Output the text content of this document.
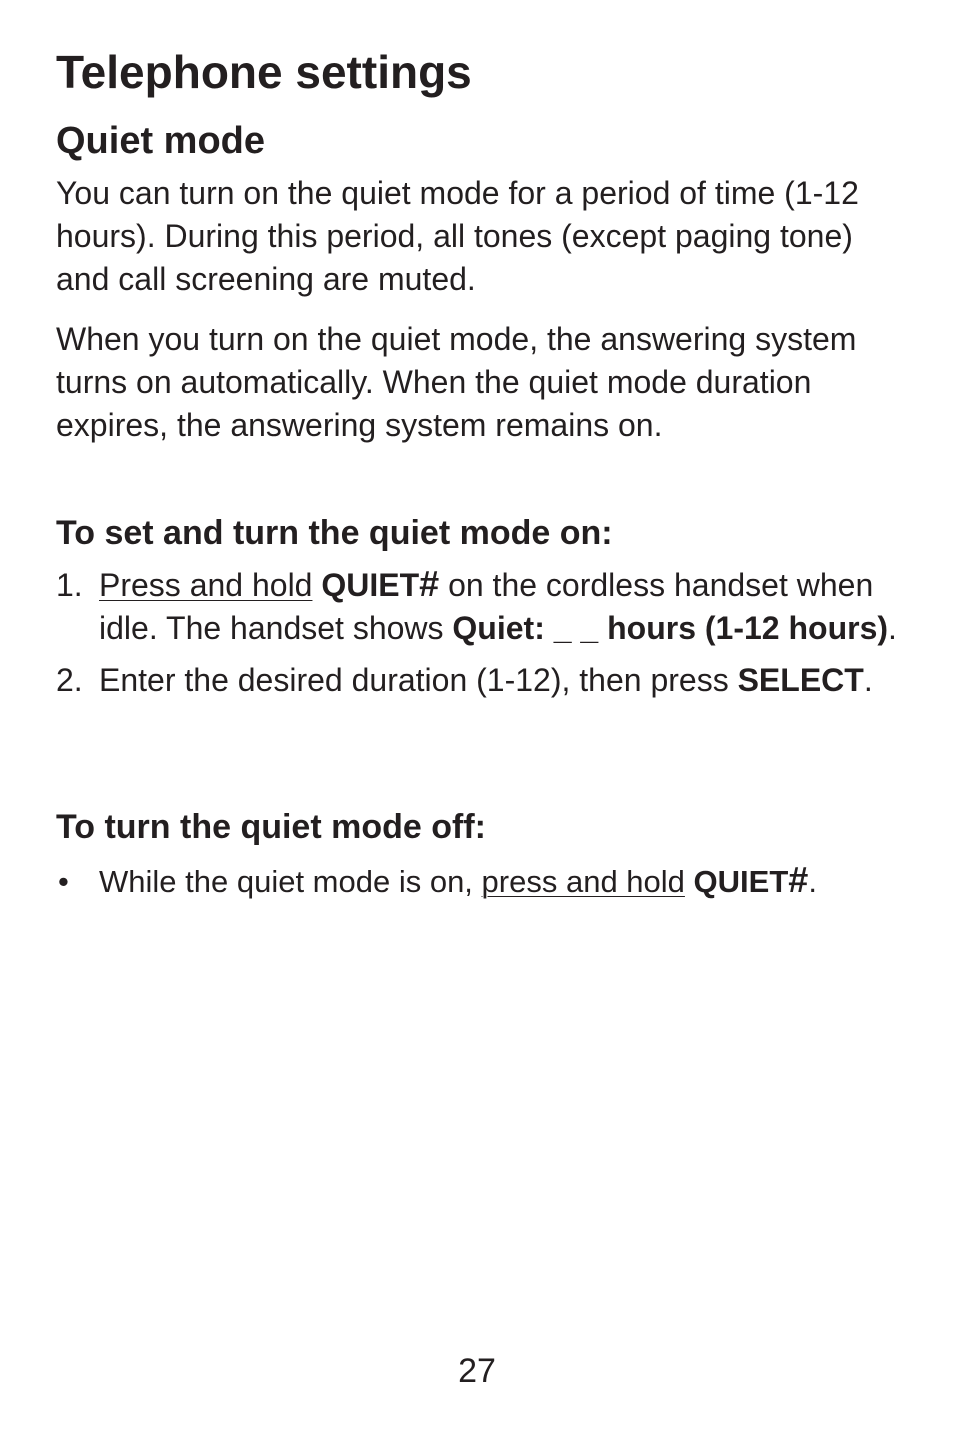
Telephone settings
Quiet mode

You can turn on the quiet mode for a period of time (1-12 hours). During this period, all tones (except paging tone) and call screening are muted.

When you turn on the quiet mode, the answering system turns on automatically. When the quiet mode duration expires, the answering system remains on.

To set and turn the quiet mode on:
1. Press and hold QUIET# on the cordless handset when idle. The handset shows Quiet: _ _ hours (1-12 hours).
2. Enter the desired duration (1-12), then press SELECT.
To turn the quiet mode off:
• While the quiet mode is on, press and hold QUIET#.
27
